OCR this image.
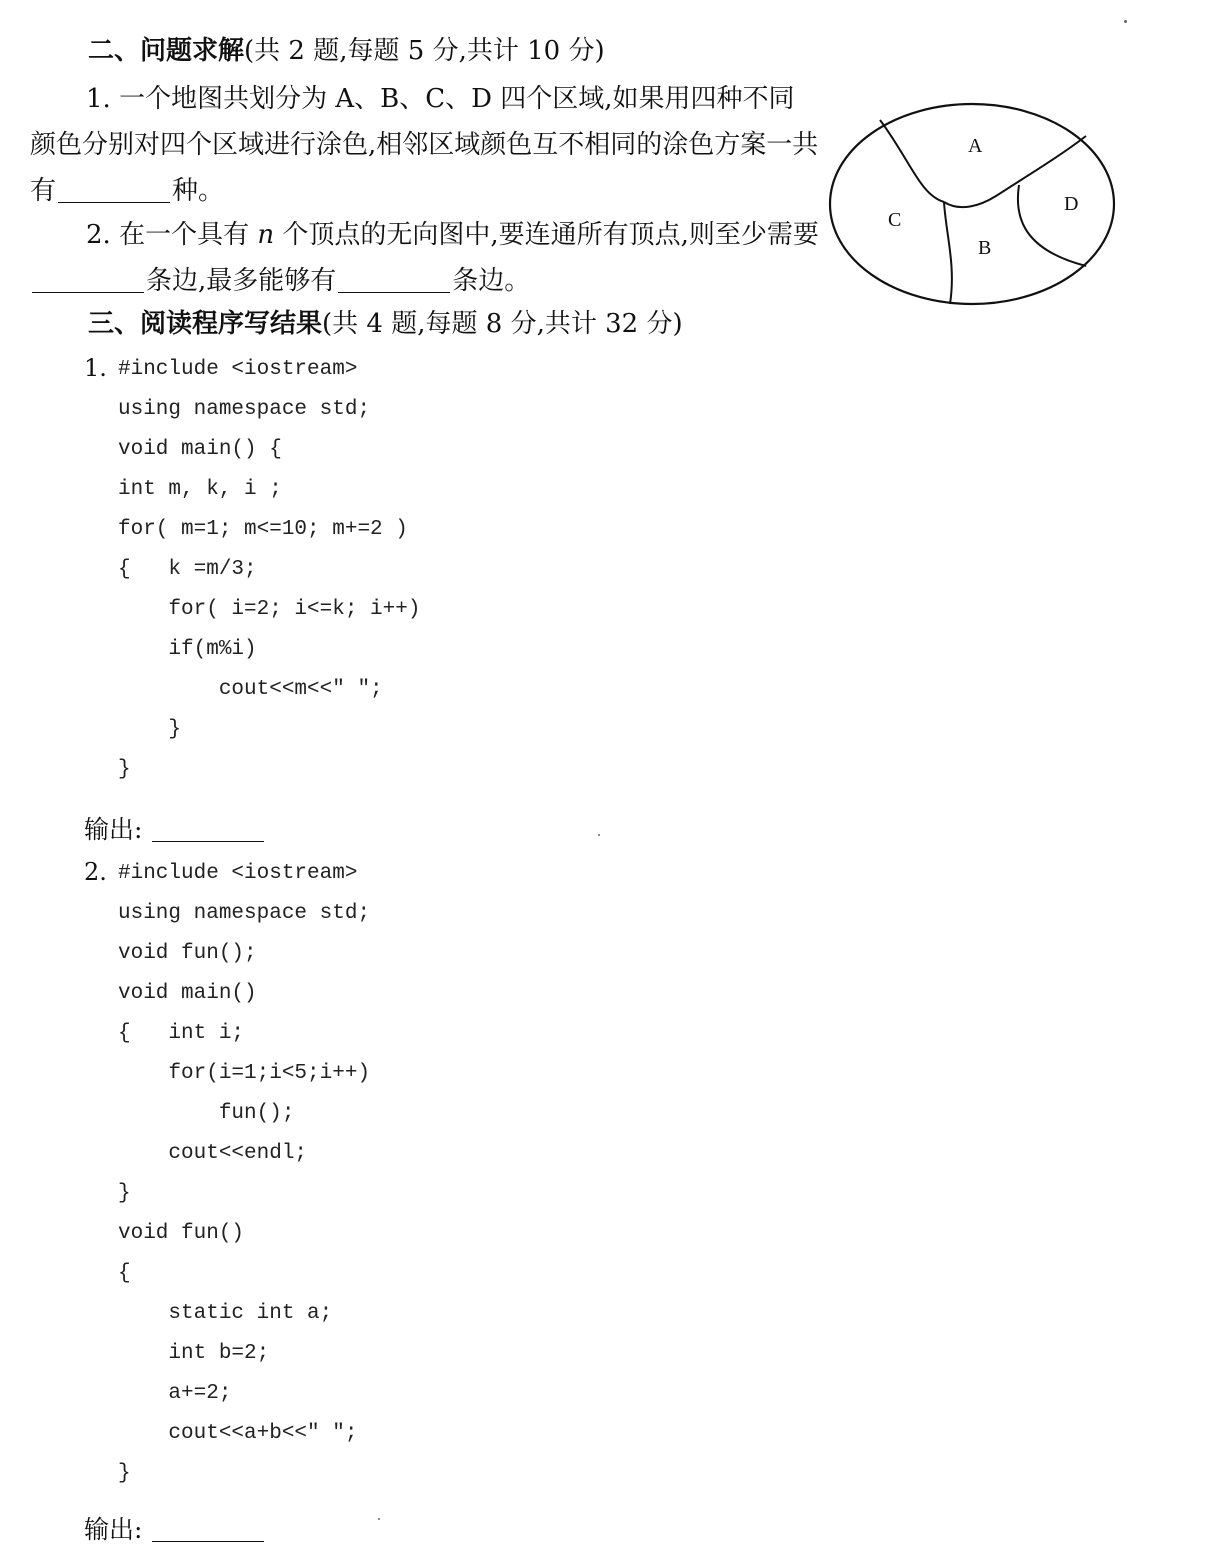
二、问题求解(共 2 题,每题 5 分,共计 10 分)
1. 一个地图共划分为 A、B、C、D 四个区域,如果用四种不同颜色分别对四个区域进行涂色,相邻区域颜色互不相同的涂色方案一共有	种。
2. 在一个具有 n 个顶点的无向图中,要连通所有顶点,则至少需要条边,最多能够有	条边。
A
B
C
D
三、阅读程序写结果(共 4 题,每题 8 分,共计 32 分)
1. #include <iostream>
using namespace std;
void main() {
int m, k, i ;
for( m=1; m<=10; m+=2 )
{   k =m/3;
for( i=2; i<=k; i++)
if(m%i)
cout<<m<<" ";
}
}
输出:
2. #include <iostream>
using namespace std;
void fun();
void main()
{   int i;
for(i=1;i<5;i++)
fun();
cout<<endl;
}
void fun()
{
static int a;
int b=2;
a+=2;
cout<<a+b<<" ";
}
输出:
